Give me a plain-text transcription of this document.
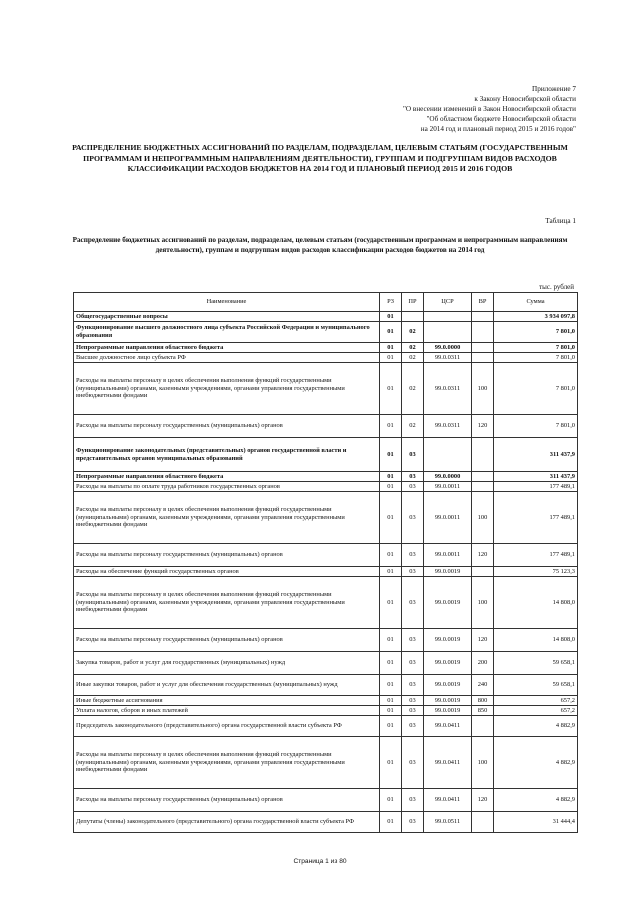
Приложение 7
к Закону Новосибирской области
"О внесении изменений в Закон Новосибирской области
"Об областном бюджете Новосибирской области
на 2014 год и плановый период 2015 и 2016 годов"
РАСПРЕДЕЛЕНИЕ БЮДЖЕТНЫХ АССИГНОВАНИЙ ПО РАЗДЕЛАМ, ПОДРАЗДЕЛАМ, ЦЕЛЕВЫМ СТАТЬЯМ (ГОСУДАРСТВЕННЫМ ПРОГРАММАМ И НЕПРОГРАММНЫМ НАПРАВЛЕНИЯМ ДЕЯТЕЛЬНОСТИ), ГРУППАМ И ПОДГРУППАМ ВИДОВ РАСХОДОВ КЛАССИФИКАЦИИ РАСХОДОВ БЮДЖЕТОВ НА 2014 ГОД И ПЛАНОВЫЙ ПЕРИОД 2015 И 2016 ГОДОВ
Таблица 1
Распределение бюджетных ассигнований по разделам, подразделам, целевым статьям (государственным программам и непрограммным направлениям деятельности), группам и подгруппам видов расходов классификации расходов бюджетов на 2014 год
тыс. рублей
Наименование	РЗ	ПР	ЦСР	ВР	Сумма
Общегосударственные вопросы	01				3 934 097,8
Функционирование высшего должностного лица субъекта Российской Федерации и муниципального образования	01	02			7 801,0
Непрограммные направления областного бюджета	01	02	99.0.0000		7 801,0
Высшее должностное лицо субъекта РФ	01	02	99.0.0311		7 801,0
Расходы на выплаты персоналу в целях обеспечения выполнения функций государственными (муниципальными) органами, казенными учреждениями, органами управления государственными внебюджетными фондами	01	02	99.0.0311	100	7 801,0
Расходы на выплаты персоналу государственных (муниципальных) органов	01	02	99.0.0311	120	7 801,0
Функционирование законодательных (представительных) органов государственной власти и представительных органов муниципальных образований	01	03			311 437,9
Непрограммные направления областного бюджета	01	03	99.0.0000		311 437,9
Расходы на выплаты по оплате труда работников государственных органов	01	03	99.0.0011		177 489,1
Расходы на выплаты персоналу в целях обеспечения выполнения функций государственными (муниципальными) органами, казенными учреждениями, органами управления государственными внебюджетными фондами	01	03	99.0.0011	100	177 489,1
Расходы на выплаты персоналу государственных (муниципальных) органов	01	03	99.0.0011	120	177 489,1
Расходы на обеспечение функций государственных органов	01	03	99.0.0019		75 123,3
Расходы на выплаты персоналу в целях обеспечения выполнения функций государственными (муниципальными) органами, казенными учреждениями, органами управления государственными внебюджетными фондами	01	03	99.0.0019	100	14 808,0
Расходы на выплаты персоналу государственных (муниципальных) органов	01	03	99.0.0019	120	14 808,0
Закупка товаров, работ и услуг для государственных (муниципальных) нужд	01	03	99.0.0019	200	59 658,1
Иные закупки товаров, работ и услуг для обеспечения государственных (муниципальных) нужд	01	03	99.0.0019	240	59 658,1
Иные бюджетные ассигнования	01	03	99.0.0019	800	657,2
Уплата налогов, сборов и иных платежей	01	03	99.0.0019	850	657,2
Председатель законодательного (представительного) органа государственной власти субъекта РФ	01	03	99.0.0411		4 882,9
Расходы на выплаты персоналу в целях обеспечения выполнения функций государственными (муниципальными) органами, казенными учреждениями, органами управления государственными внебюджетными фондами	01	03	99.0.0411	100	4 882,9
Расходы на выплаты персоналу государственных (муниципальных) органов	01	03	99.0.0411	120	4 882,9
Депутаты (члены) законодательного (представительного) органа государственной власти субъекта РФ	01	03	99.0.0511		31 444,4
Страница 1 из 80
